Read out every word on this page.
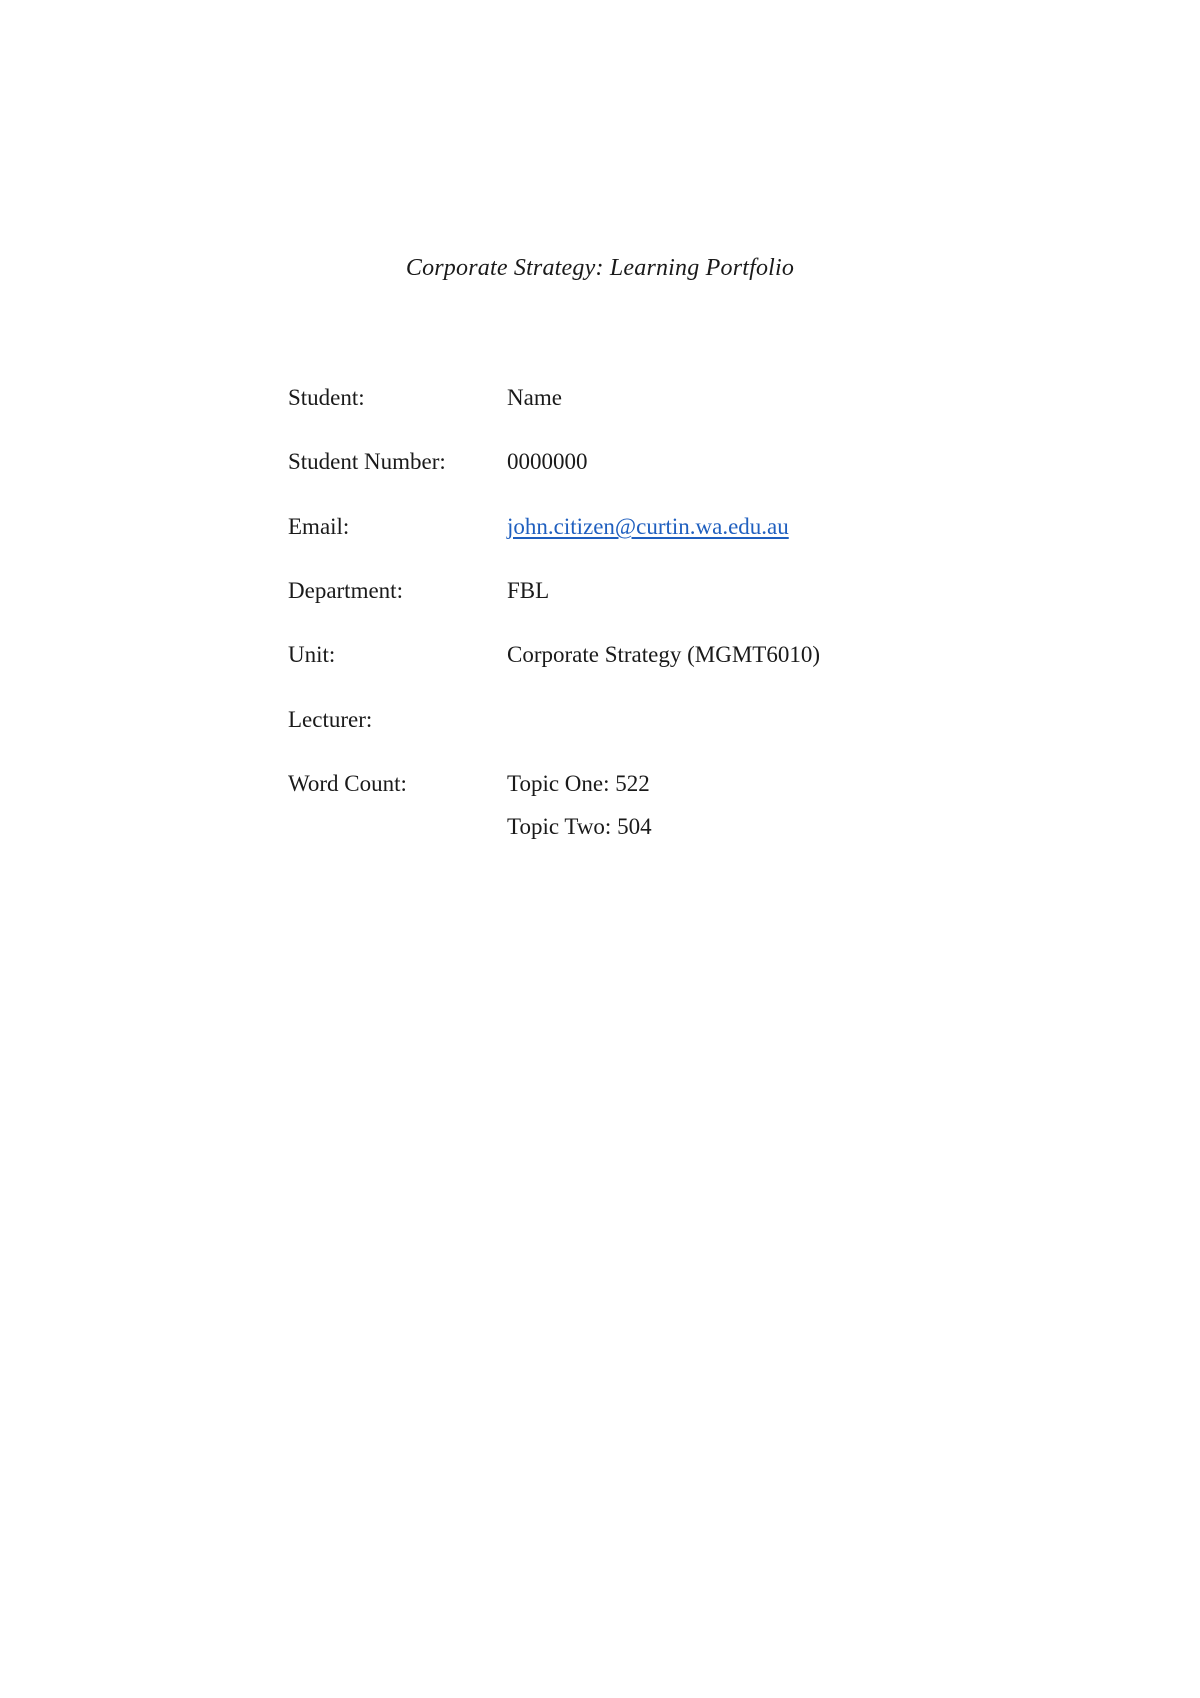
Corporate Strategy: Learning Portfolio
Student:	Name
Student Number:	0000000
Email:	john.citizen@curtin.wa.edu.au
Department:	FBL
Unit:	Corporate Strategy (MGMT6010)
Lecturer:
Word Count:	Topic One: 522
Topic Two: 504
